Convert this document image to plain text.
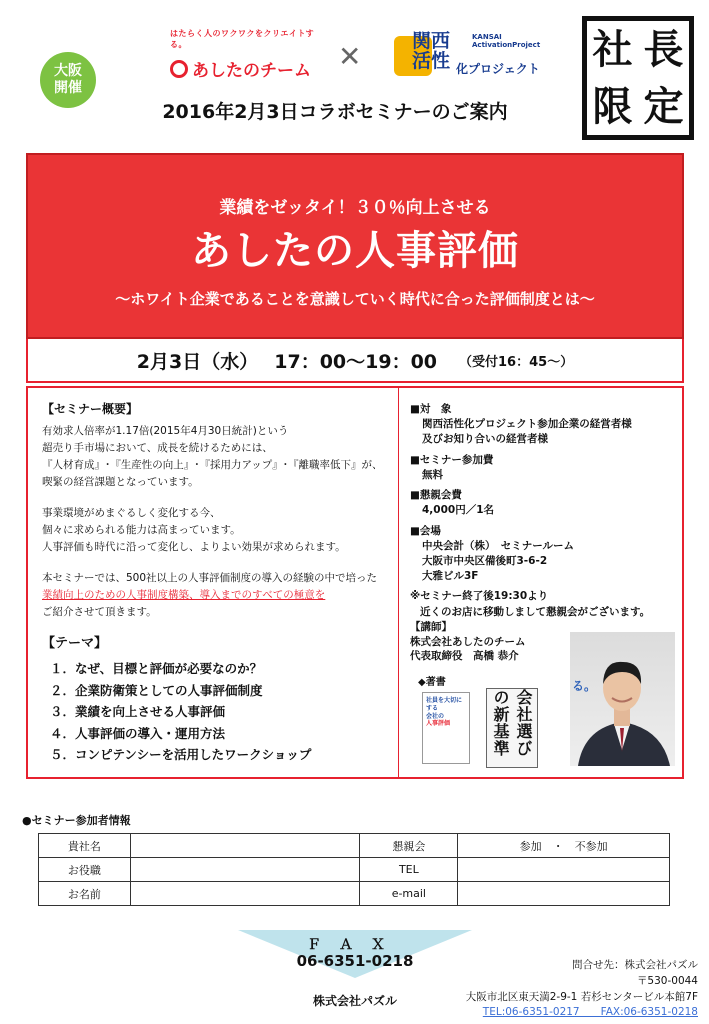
大阪
開催
はたらく人のワクワクをクリエイトする。
あしたのチーム ✕	関西
活性
KANSAI
ActivationProject
化プロジェクト 社 長
限 定
2016年2月3日コラボセミナーのご案内
業績をゼッタイ！３０％向上させる
あしたの人事評価
〜ホワイト企業であることを意識していく時代に合った評価制度とは〜
2月3日（水） 17：00〜19：00 （受付16：45〜）
【セミナー概要】

有効求人倍率が1.17倍(2015年4月30日統計)という

超売り手市場において、成長を続けるためには、

『人材育成』･『生産性の向上』･『採用力アップ』･『離職率低下』が、

喫緊の経営課題となっています。

事業環境がめまぐるしく変化する今、

個々に求められる能力は高まっています。

人事評価も時代に沿って変化し、よりよい効果が求められます。

本セミナーでは、500社以上の人事評価制度の導入の経験の中で培った

業績向上のための人事制度構築、導入までのすべての極意を

ご紹介させて頂きます。

【テーマ】
１．なぜ、目標と評価が必要なのか？
２．企業防衛策としての人事評価制度
３．業績を向上させる人事評価
４．人事評価の導入・運用方法
５．コンピテンシーを活用したワークショップ
■対　象
関西活性化プロジェクト参加企業の経営者様
及びお知り合いの経営者様
■セミナー参加費
無料
■懇親会費
4,000円／1名
■会場
中央会計（株）　セミナールーム
大阪市中央区備後町3-6-2
大雅ビル3F
※セミナー終了後19:30より
近くのお店に移動しまして懇親会がございます。
【講師】
株式会社あしたのチーム
代表取締役　高橋 恭介
◆著書
社員を大切にする
会社の
人事評価	会社選びの新基準
る。
●セミナー参加者情報
貴社名		懇親会	参加　・　不参加
お役職		TEL	
お名前		e-mail	
ＦＡＸ
06-6351-0218
株式会社パズル
問合せ先：株式会社パズル
〒530-0044
大阪市北区東天満2-9-1 若杉センタービル本館7F
TEL:06-6351-0217　　FAX:06-6351-0218
